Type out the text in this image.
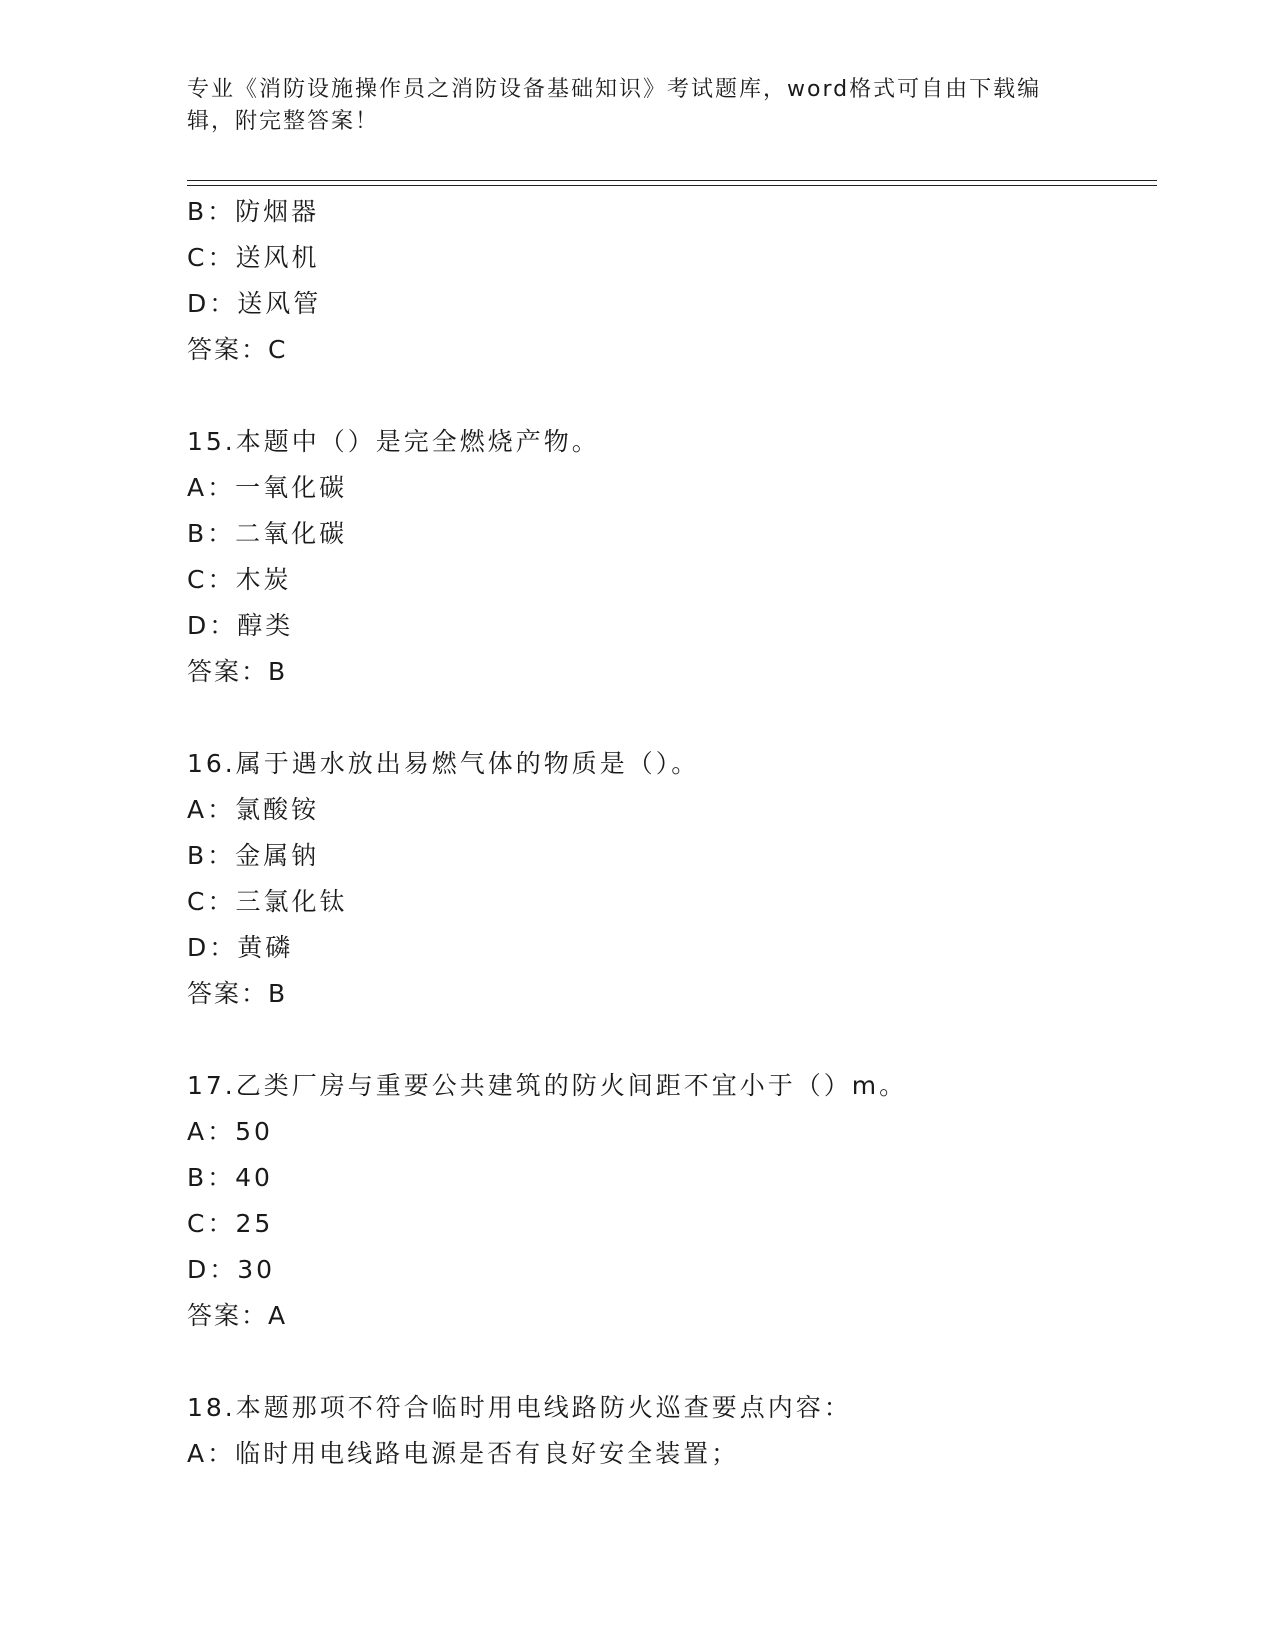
专业《消防设施操作员之消防设备基础知识》考试题库，word格式可自由下载编
辑，附完整答案！
B：防烟器
C：送风机
D：送风管
答案：C
15.本题中（）是完全燃烧产物。
A：一氧化碳
B：二氧化碳
C：木炭
D：醇类
答案：B
16.属于遇水放出易燃气体的物质是（）。
A：氯酸铵
B：金属钠
C：三氯化钛
D：黄磷
答案：B
17.乙类厂房与重要公共建筑的防火间距不宜小于（）m。
A：50
B：40
C：25
D：30
答案：A
18.本题那项不符合临时用电线路防火巡查要点内容：
A：临时用电线路电源是否有良好安全装置；
